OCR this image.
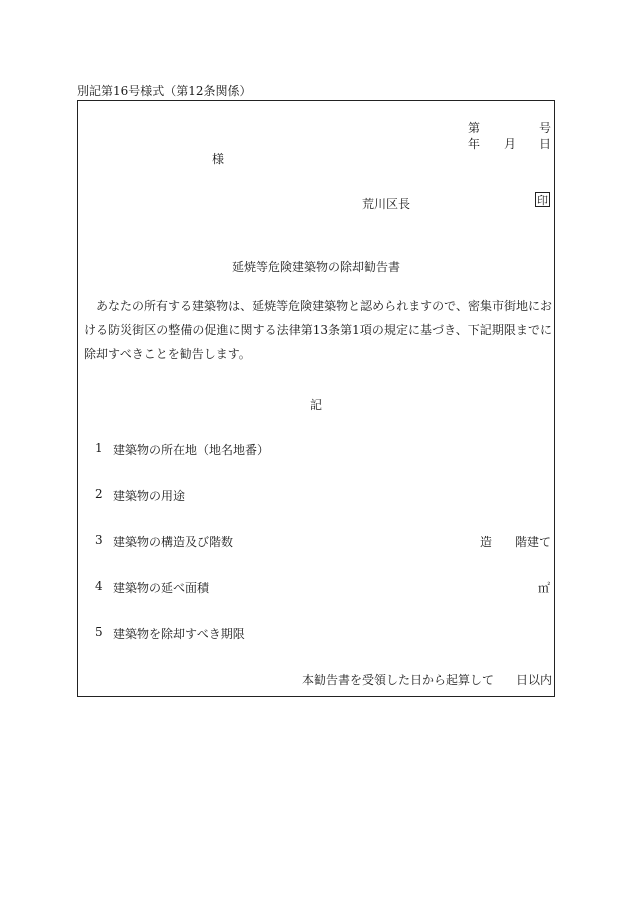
別記第16号様式（第12条関係）
第	号
年 月 日
様
荒川区長	印
延焼等危険建築物の除却勧告書
あなたの所有する建築物は、延焼等危険建築物と認められますので、密集市街地における防災街区の整備の促進に関する法律第13条第1項の規定に基づき、下記期限までに除却すべきことを勧告します。
記
1 建築物の所在地（地名地番）
2 建築物の用途
3 建築物の構造及び階数	造 階建て
4 建築物の延べ面積	㎡
5 建築物を除却すべき期限
本勧告書を受領した日から起算して 日以内
